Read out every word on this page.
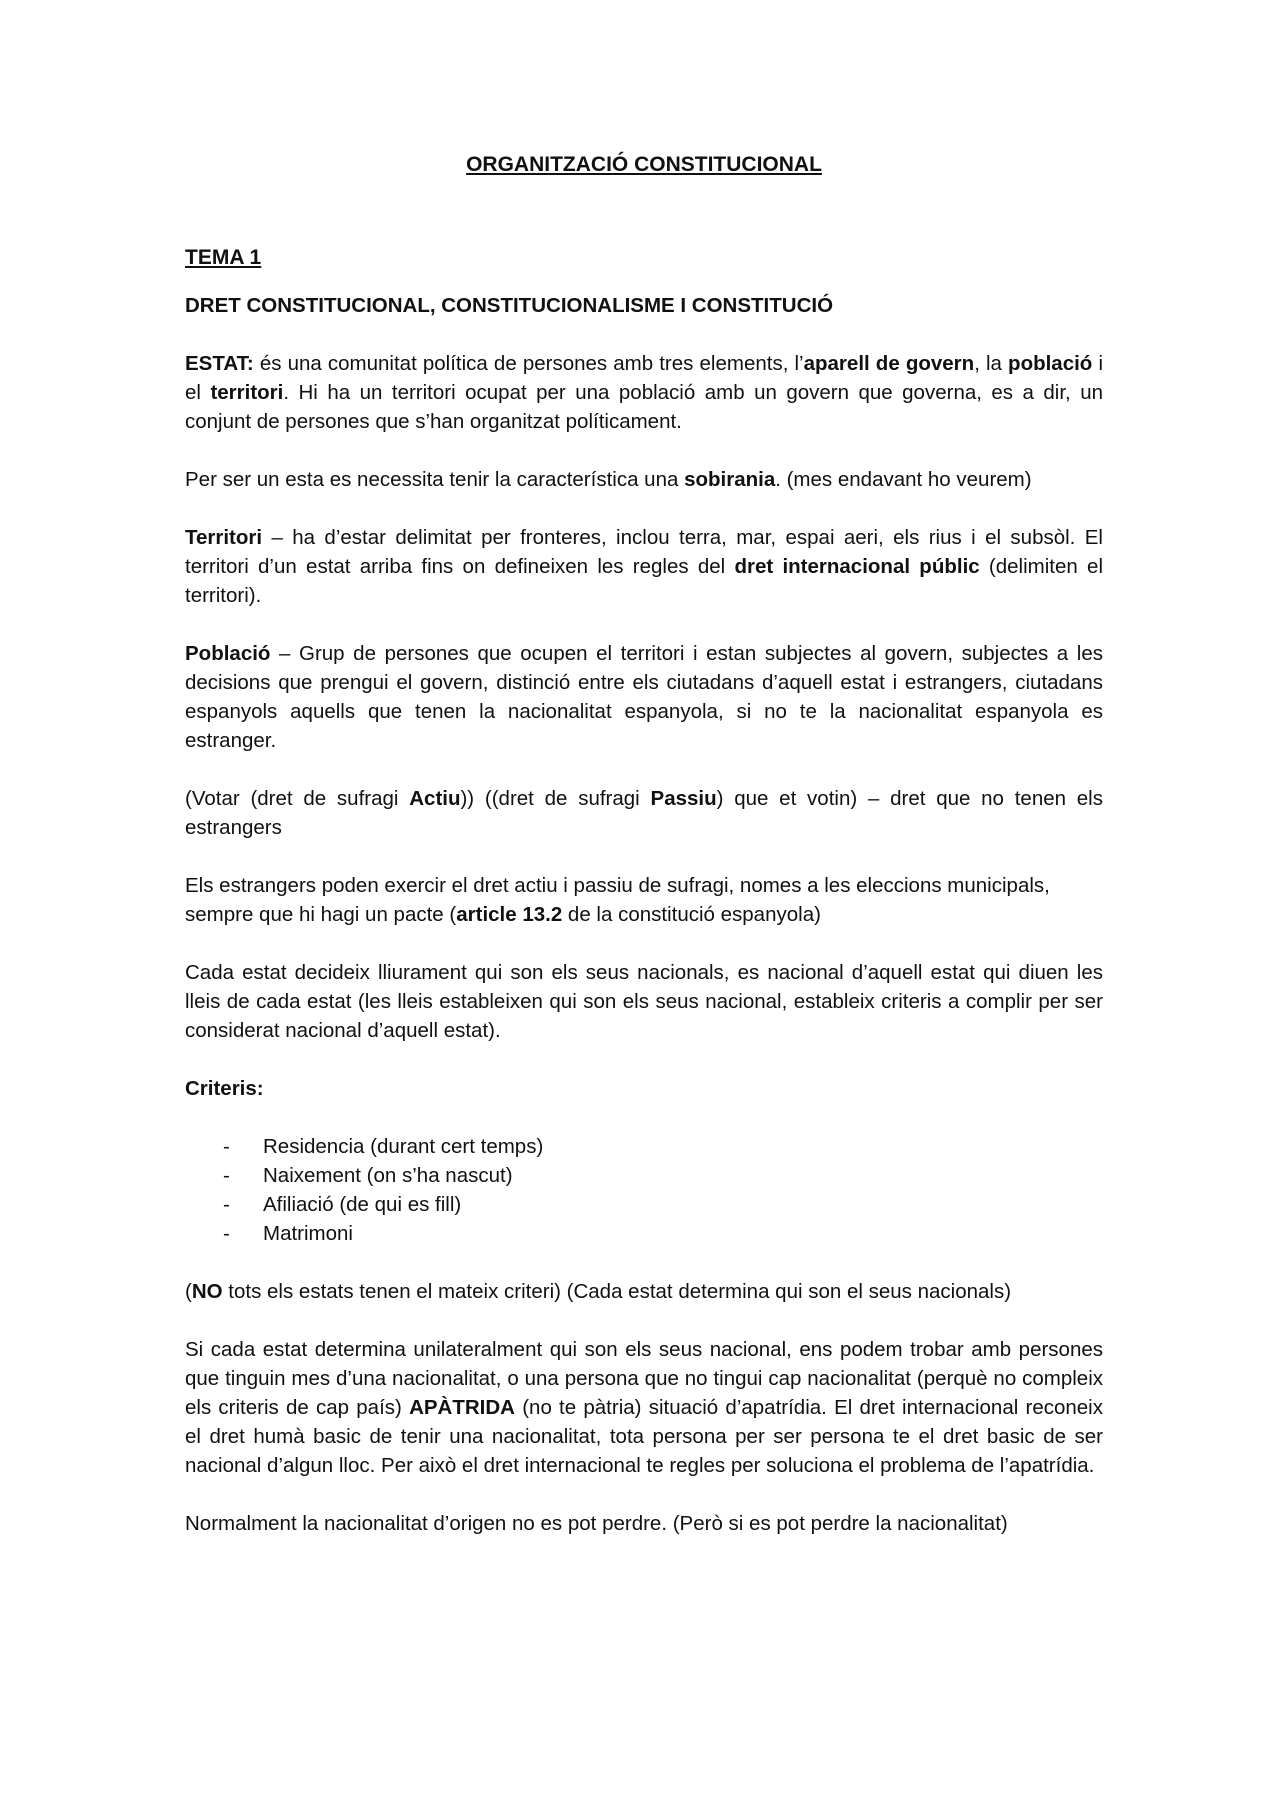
ORGANITZACIÓ CONSTITUCIONAL
TEMA 1
DRET CONSTITUCIONAL, CONSTITUCIONALISME I CONSTITUCIÓ

ESTAT: és una comunitat política de persones amb tres elements, l’aparell de govern, la població i el territori. Hi ha un territori ocupat per una població amb un govern que governa, es a dir, un conjunt de persones que s’han organitzat políticament.

Per ser un esta es necessita tenir la característica una sobirania. (mes endavant ho veurem)

Territori – ha d’estar delimitat per fronteres, inclou terra, mar, espai aeri, els rius i el subsòl. El territori d’un estat arriba fins on defineixen les regles del dret internacional públic (delimiten el territori).

Població – Grup de persones que ocupen el territori i estan subjectes al govern, subjectes a les decisions que prengui el govern, distinció entre els ciutadans d’aquell estat i estrangers, ciutadans espanyols aquells que tenen la nacionalitat espanyola, si no te la nacionalitat espanyola es estranger.

(Votar (dret de sufragi Actiu)) ((dret de sufragi Passiu) que et votin) – dret que no tenen els estrangers

Els estrangers poden exercir el dret actiu i passiu de sufragi, nomes a les eleccions municipals, sempre que hi hagi un pacte (article 13.2 de la constitució espanyola)

Cada estat decideix lliurament qui son els seus nacionals, es nacional d’aquell estat qui diuen les lleis de cada estat (les lleis estableixen qui son els seus nacional, estableix criteris a complir per ser considerat nacional d’aquell estat).

Criteris:

- Residencia (durant cert temps)
- Naixement (on s’ha nascut)
- Afiliació (de qui es fill)
- Matrimoni

(NO tots els estats tenen el mateix criteri) (Cada estat determina qui son el seus nacionals)

Si cada estat determina unilateralment qui son els seus nacional, ens podem trobar amb persones que tinguin mes d’una nacionalitat, o una persona que no tingui cap nacionalitat (perquè no compleix els criteris de cap país) APÀTRIDA (no te pàtria) situació d’apatrídia. El dret internacional reconeix el dret humà basic de tenir una nacionalitat, tota persona per ser persona te el dret basic de ser nacional d’algun lloc. Per això el dret internacional te regles per soluciona el problema de l’apatrídia.

Normalment la nacionalitat d’origen no es pot perdre. (Però si es pot perdre la nacionalitat)
